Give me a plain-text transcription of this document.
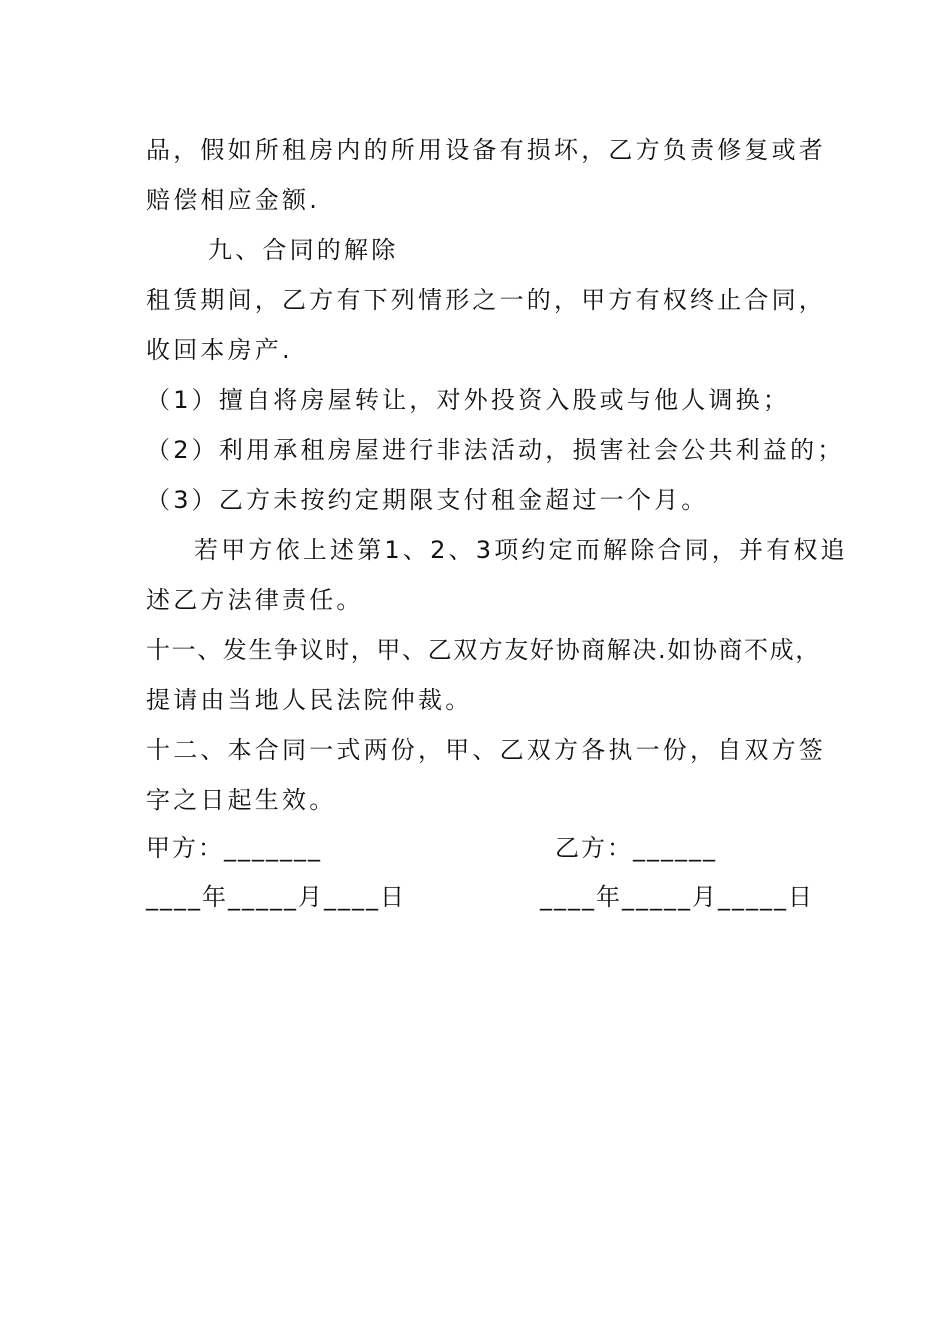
品，假如所租房内的所用设备有损坏，乙方负责修复或者
赔偿相应金额.
九、合同的解除
租赁期间，乙方有下列情形之一的，甲方有权终止合同，
收回本房产.
（1）擅自将房屋转让，对外投资入股或与他人调换；
（2）利用承租房屋进行非法活动，损害社会公共利益的；
（3）乙方未按约定期限支付租金超过一个月。
若甲方依上述第1、2、3项约定而解除合同，并有权追
述乙方法律责任。
十一、发生争议时，甲、乙双方友好协商解决.如协商不成，
提请由当地人民法院仲裁。
十二、本合同一式两份，甲、乙双方各执一份，自双方签
字之日起生效。
甲方：_______	乙方：______
____年_____月____日	____年_____月_____日
